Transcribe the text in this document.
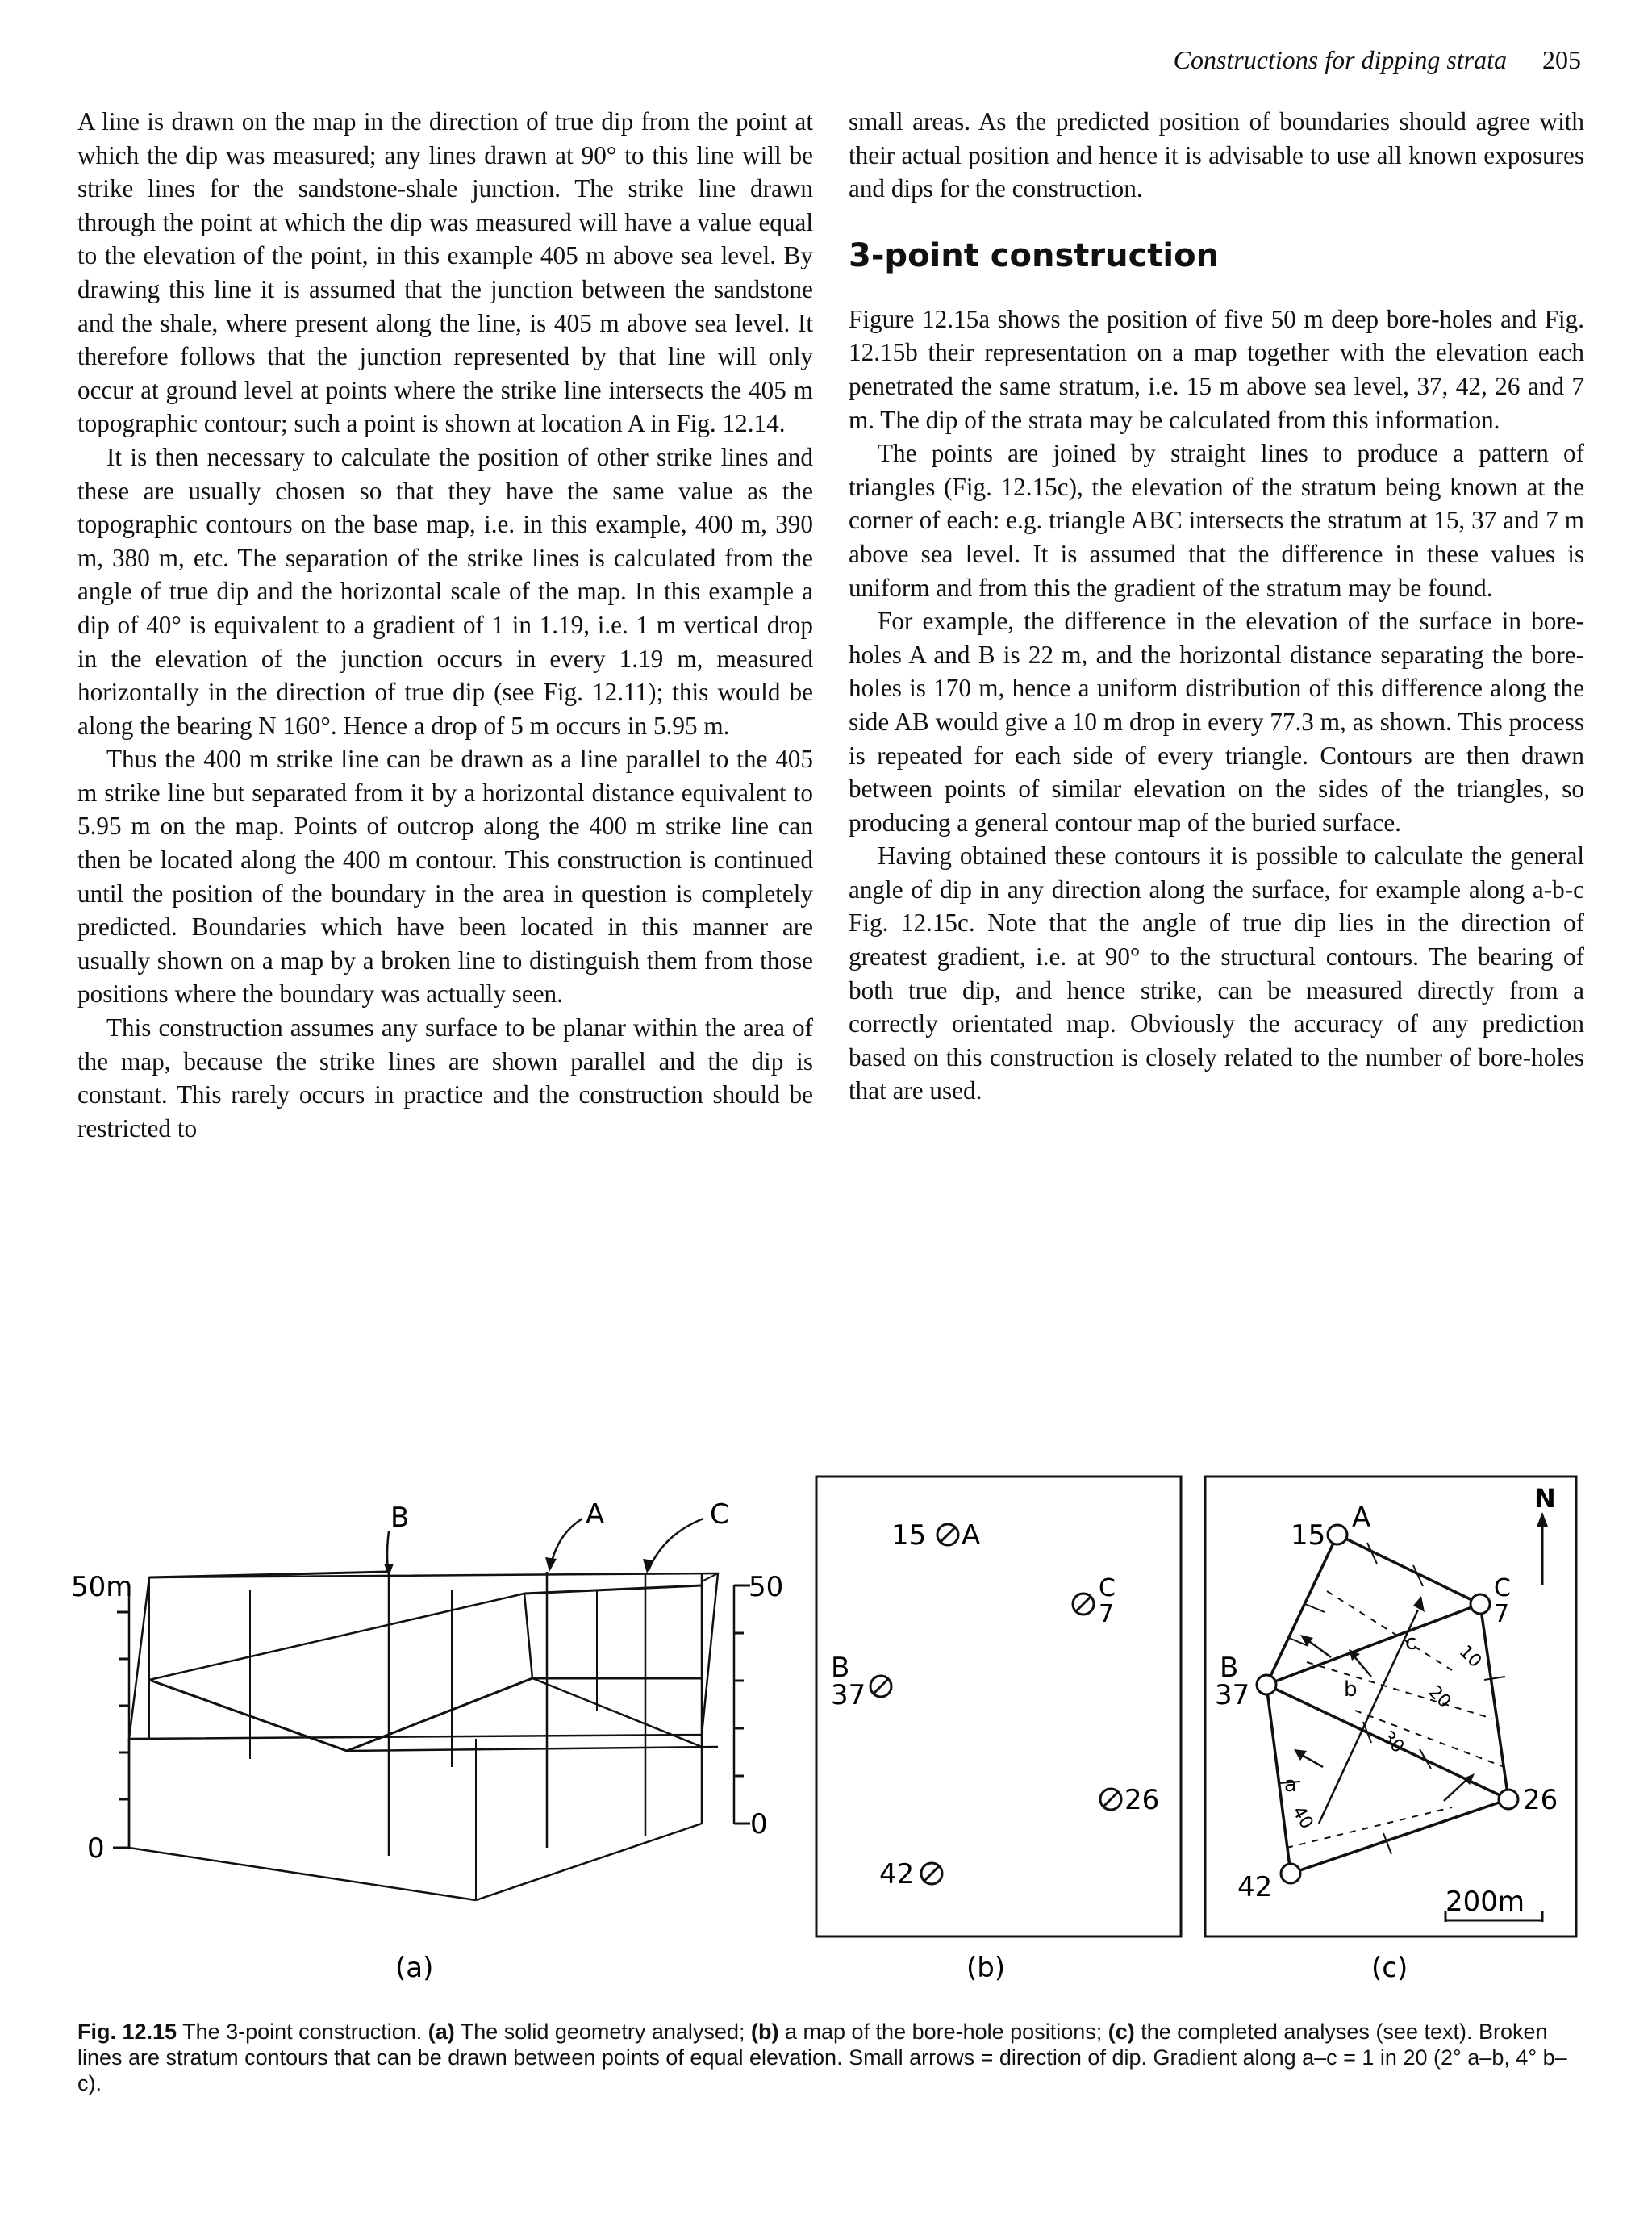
Constructions for dipping strata 205

A line is drawn on the map in the direction of true dip from the point at which the dip was measured; any lines drawn at 90° to this line will be strike lines for the sandstone-shale junction. The strike line drawn through the point at which the dip was measured will have a value equal to the elevation of the point, in this example 405 m above sea level. By drawing this line it is assumed that the junction between the sandstone and the shale, where present along the line, is 405 m above sea level. It therefore follows that the junction represented by that line will only occur at ground level at points where the strike line intersects the 405 m topographic contour; such a point is shown at location A in Fig. 12.14.

It is then necessary to calculate the position of other strike lines and these are usually chosen so that they have the same value as the topographic contours on the base map, i.e. in this example, 400 m, 390 m, 380 m, etc. The separation of the strike lines is calculated from the angle of true dip and the horizontal scale of the map. In this example a dip of 40° is equivalent to a gradient of 1 in 1.19, i.e. 1 m vertical drop in the elevation of the junction occurs in every 1.19 m, measured horizontally in the direction of true dip (see Fig. 12.11); this would be along the bearing N 160°. Hence a drop of 5 m occurs in 5.95 m.

Thus the 400 m strike line can be drawn as a line parallel to the 405 m strike line but separated from it by a horizontal distance equivalent to 5.95 m on the map. Points of outcrop along the 400 m strike line can then be located along the 400 m contour. This construction is continued until the position of the boundary in the area in question is completely predicted. Boundaries which have been located in this manner are usually shown on a map by a broken line to distinguish them from those positions where the boundary was actually seen.

This construction assumes any surface to be planar within the area of the map, because the strike lines are shown parallel and the dip is constant. This rarely occurs in practice and the construction should be restricted to

small areas. As the predicted position of boundaries should agree with their actual position and hence it is advisable to use all known exposures and dips for the construction.

3-point construction

Figure 12.15a shows the position of five 50 m deep bore-holes and Fig. 12.15b their representation on a map together with the elevation each penetrated the same stratum, i.e. 15 m above sea level, 37, 42, 26 and 7 m. The dip of the strata may be calculated from this information.

The points are joined by straight lines to produce a pattern of triangles (Fig. 12.15c), the elevation of the stratum being known at the corner of each: e.g. triangle ABC intersects the stratum at 15, 37 and 7 m above sea level. It is assumed that the difference in these values is uniform and from this the gradient of the stratum may be found.

For example, the difference in the elevation of the surface in bore-holes A and B is 22 m, and the horizontal distance separating the bore-holes is 170 m, hence a uniform distribution of this difference along the side AB would give a 10 m drop in every 77.3 m, as shown. This process is repeated for each side of every triangle. Contours are then drawn between points of similar elevation on the sides of the triangles, so producing a general contour map of the buried surface.

Having obtained these contours it is possible to calculate the general angle of dip in any direction along the surface, for example along a-b-c Fig. 12.15c. Note that the angle of true dip lies in the direction of greatest gradient, i.e. at 90° to the structural contours. The bearing of both true dip, and hence strike, can be measured directly from a correctly orientated map. Obviously the accuracy of any prediction based on this construction is closely related to the number of bore-holes that are used.

50m
0
50
0
B	A	C
(a)
15 A
C
7
B
37
26
42
(b)
N
15
A
C
7
B
37
26
42
10
20
30
40
a
b
c
200m
(c)
Fig. 12.15 The 3-point construction. (a) The solid geometry analysed; (b) a map of the bore-hole positions; (c) the completed analyses (see text). Broken lines are stratum contours that can be drawn between points of equal elevation. Small arrows = direction of dip. Gradient along a–c = 1 in 20 (2° a–b, 4° b–c).
